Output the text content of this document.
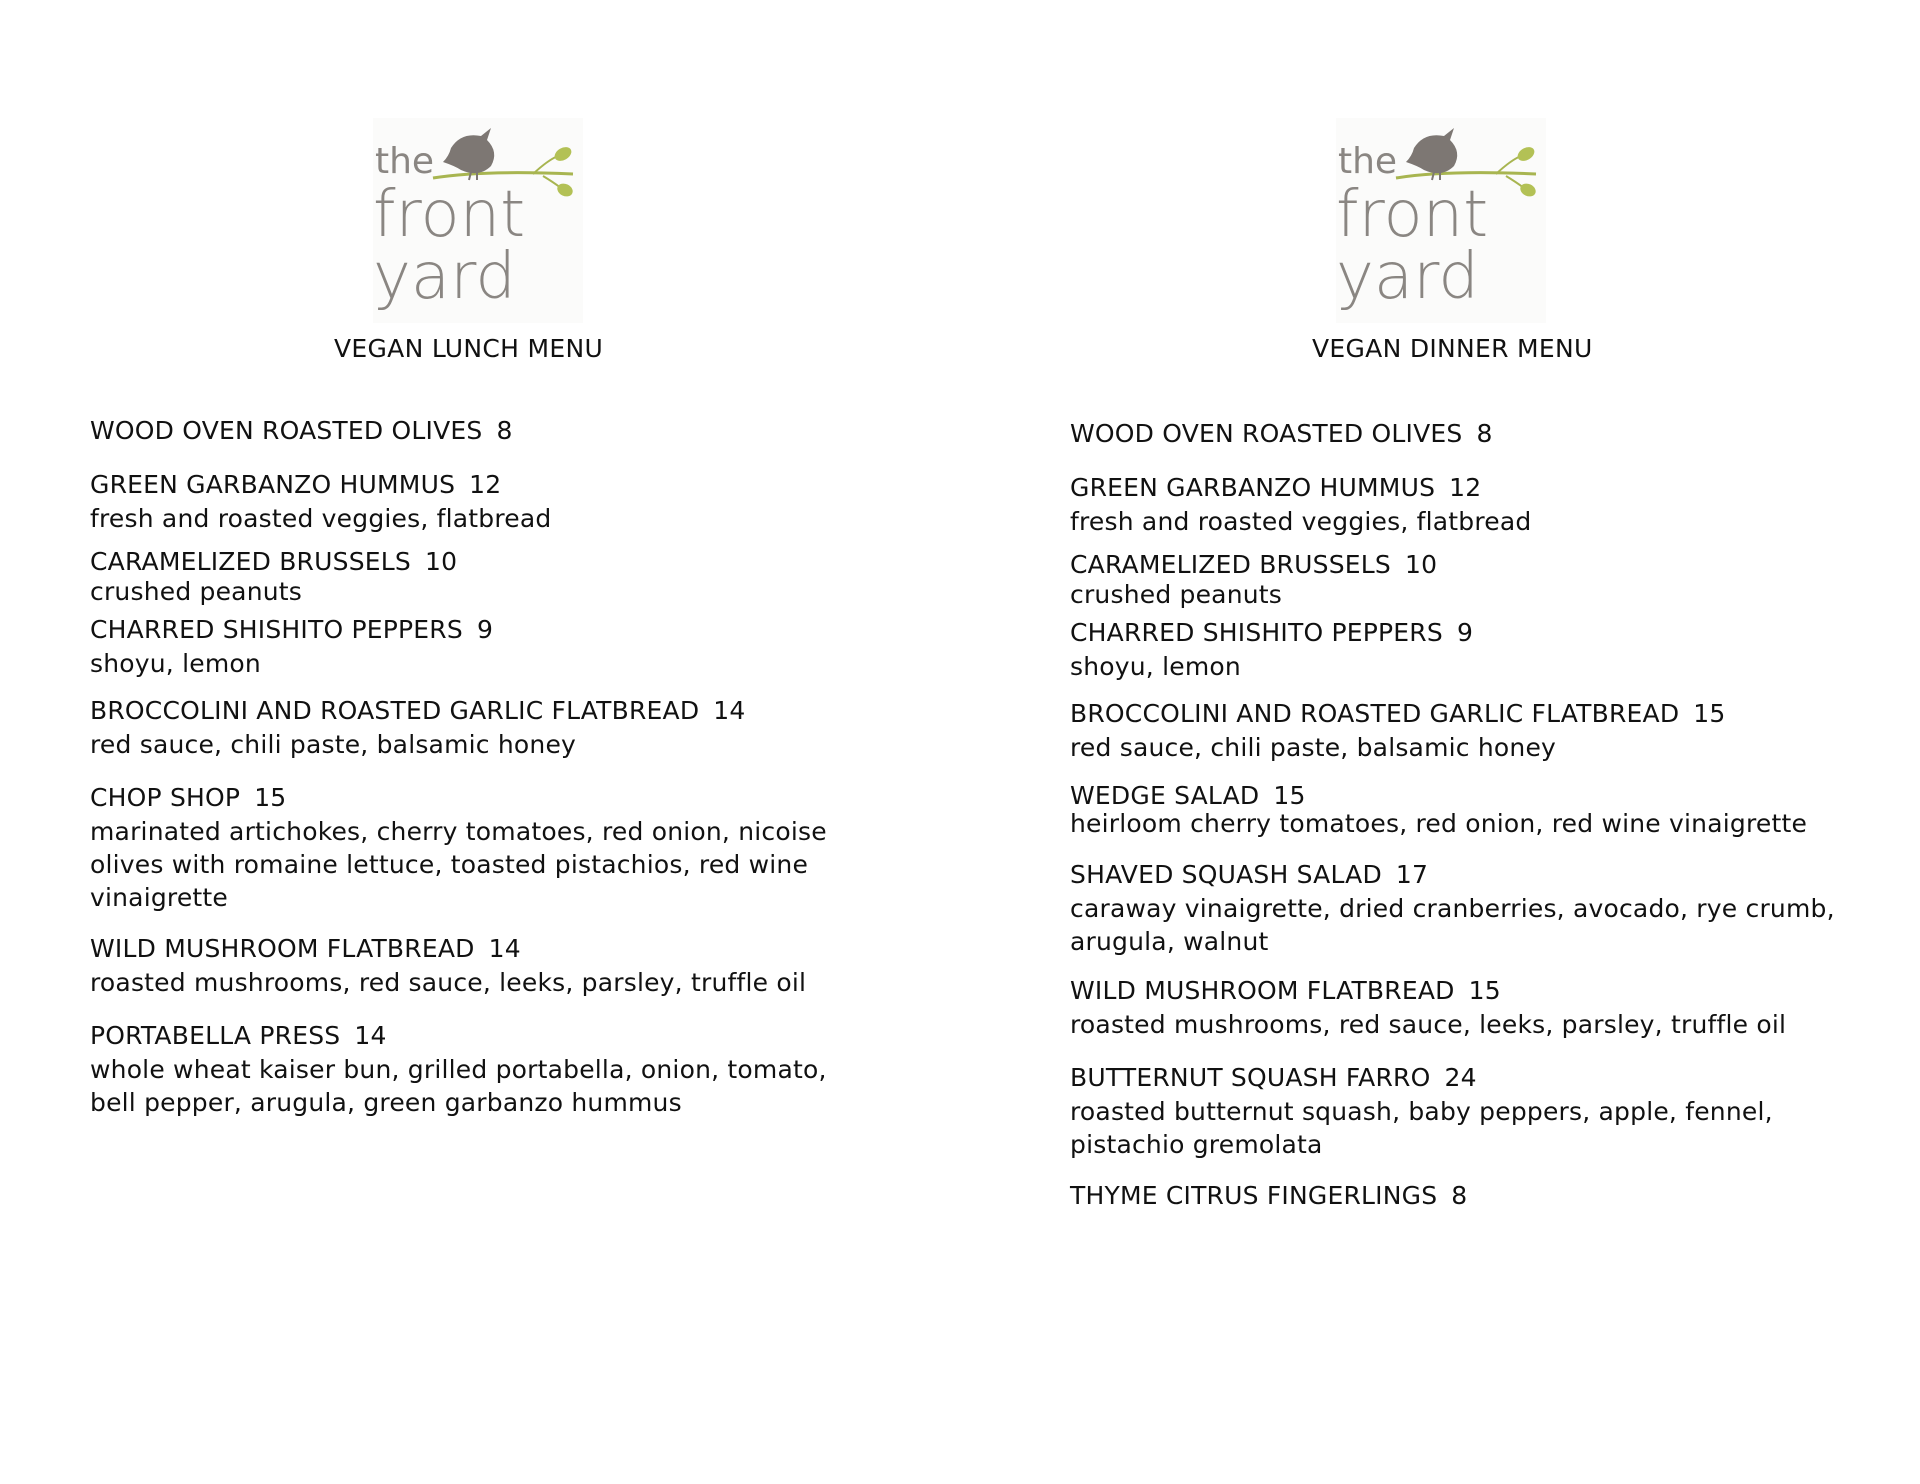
the
front
yard
VEGAN LUNCH MENU
WOOD OVEN ROASTED OLIVES 8
GREEN GARBANZO HUMMUS 12
fresh and roasted veggies, flatbread
CARAMELIZED BRUSSELS 10
crushed peanuts
CHARRED SHISHITO PEPPERS 9
shoyu, lemon
BROCCOLINI AND ROASTED GARLIC FLATBREAD 14
red sauce, chili paste, balsamic honey
CHOP SHOP 15
marinated artichokes, cherry tomatoes, red onion, nicoise olives with romaine lettuce, toasted pistachios, red wine vinaigrette
WILD MUSHROOM FLATBREAD 14
roasted mushrooms, red sauce, leeks, parsley, truffle oil
PORTABELLA PRESS 14
whole wheat kaiser bun, grilled portabella, onion, tomato, bell pepper, arugula, green garbanzo hummus
the
front
yard
VEGAN DINNER MENU
WOOD OVEN ROASTED OLIVES 8
GREEN GARBANZO HUMMUS 12
fresh and roasted veggies, flatbread
CARAMELIZED BRUSSELS 10
crushed peanuts
CHARRED SHISHITO PEPPERS 9
shoyu, lemon
BROCCOLINI AND ROASTED GARLIC FLATBREAD 15
red sauce, chili paste, balsamic honey
WEDGE SALAD 15
heirloom cherry tomatoes, red onion, red wine vinaigrette
SHAVED SQUASH SALAD 17
caraway vinaigrette, dried cranberries, avocado, rye crumb, arugula, walnut
WILD MUSHROOM FLATBREAD 15
roasted mushrooms, red sauce, leeks, parsley, truffle oil
BUTTERNUT SQUASH FARRO 24
roasted butternut squash, baby peppers, apple, fennel, pistachio gremolata
THYME CITRUS FINGERLINGS 8
